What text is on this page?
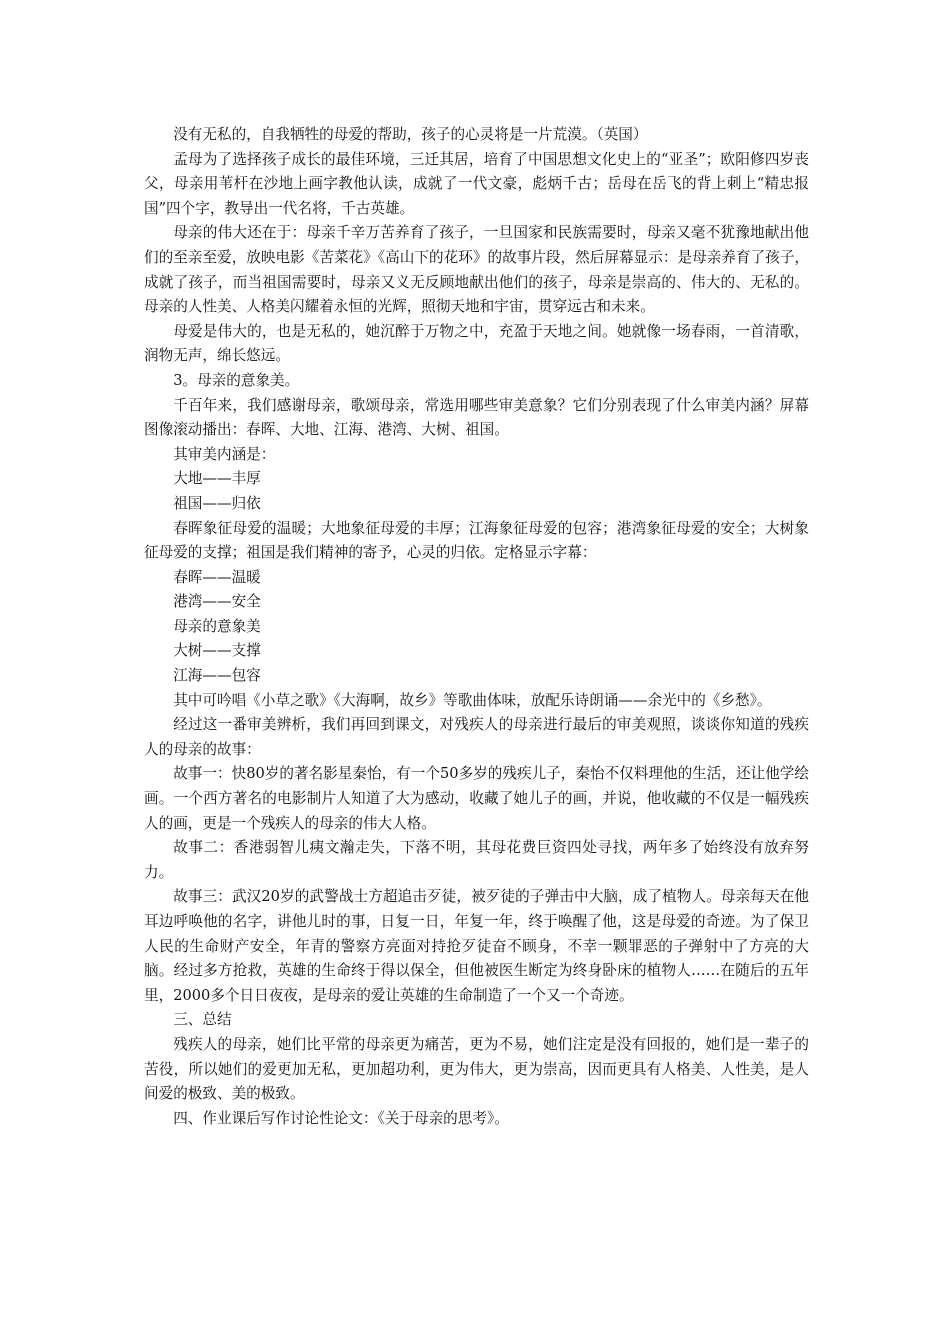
没有无私的，自我牺牲的母爱的帮助，孩子的心灵将是一片荒漠。（英国）

孟母为了选择孩子成长的最佳环境，三迁其居，培育了中国思想文化史上的“亚圣”；欧阳修四岁丧父，母亲用苇杆在沙地上画字教他认读，成就了一代文豪，彪炳千古；岳母在岳飞的背上刺上“精忠报国”四个字，教导出一代名将，千古英雄。

母亲的伟大还在于：母亲千辛万苦养育了孩子，一旦国家和民族需要时，母亲又毫不犹豫地献出他们的至亲至爱，放映电影《苦菜花》《高山下的花环》的故事片段，然后屏幕显示：是母亲养育了孩子，成就了孩子，而当祖国需要时，母亲又义无反顾地献出他们的孩子，母亲是崇高的、伟大的、无私的。母亲的人性美、人格美闪耀着永恒的光辉，照彻天地和宇宙，贯穿远古和未来。

母爱是伟大的，也是无私的，她沉醉于万物之中，充盈于天地之间。她就像一场春雨，一首清歌，润物无声，绵长悠远。

3。母亲的意象美。

千百年来，我们感谢母亲，歌颂母亲，常选用哪些审美意象？它们分别表现了什么审美内涵？屏幕图像滚动播出：春晖、大地、江海、港湾、大树、祖国。

其审美内涵是：

大地——丰厚

祖国——归依

春晖象征母爱的温暖；大地象征母爱的丰厚；江海象征母爱的包容；港湾象征母爱的安全；大树象征母爱的支撑；祖国是我们精神的寄予，心灵的归依。定格显示字幕：

春晖——温暖

港湾——安全

母亲的意象美

大树——支撑

江海——包容

其中可吟唱《小草之歌》《大海啊，故乡》等歌曲体味，放配乐诗朗诵——余光中的《乡愁》。

经过这一番审美辨析，我们再回到课文，对残疾人的母亲进行最后的审美观照，谈谈你知道的残疾人的母亲的故事：

故事一：快80岁的著名影星秦怡，有一个50多岁的残疾儿子，秦怡不仅料理他的生活，还让他学绘画。一个西方著名的电影制片人知道了大为感动，收藏了她儿子的画，并说，他收藏的不仅是一幅残疾人的画，更是一个残疾人的母亲的伟大人格。

故事二：香港弱智儿痍文瀚走失，下落不明，其母花费巨资四处寻找，两年多了始终没有放弃努力。

故事三：武汉20岁的武警战士方超追击歹徒，被歹徒的子弹击中大脑，成了植物人。母亲每天在他耳边呼唤他的名字，讲他儿时的事，日复一日，年复一年，终于唤醒了他，这是母爱的奇迹。为了保卫人民的生命财产安全，年青的警察方亮面对持抢歹徒奋不顾身，不幸一颗罪恶的子弹射中了方亮的大脑。经过多方抢救，英雄的生命终于得以保全，但他被医生断定为终身卧床的植物人……在随后的五年里，2000多个日日夜夜，是母亲的爱让英雄的生命制造了一个又一个奇迹。

三、总结

残疾人的母亲，她们比平常的母亲更为痛苦，更为不易，她们注定是没有回报的，她们是一辈子的苦役，所以她们的爱更加无私，更加超功利，更为伟大，更为崇高，因而更具有人格美、人性美，是人间爱的极致、美的极致。

四、作业课后写作讨论性论文：《关于母亲的思考》。
